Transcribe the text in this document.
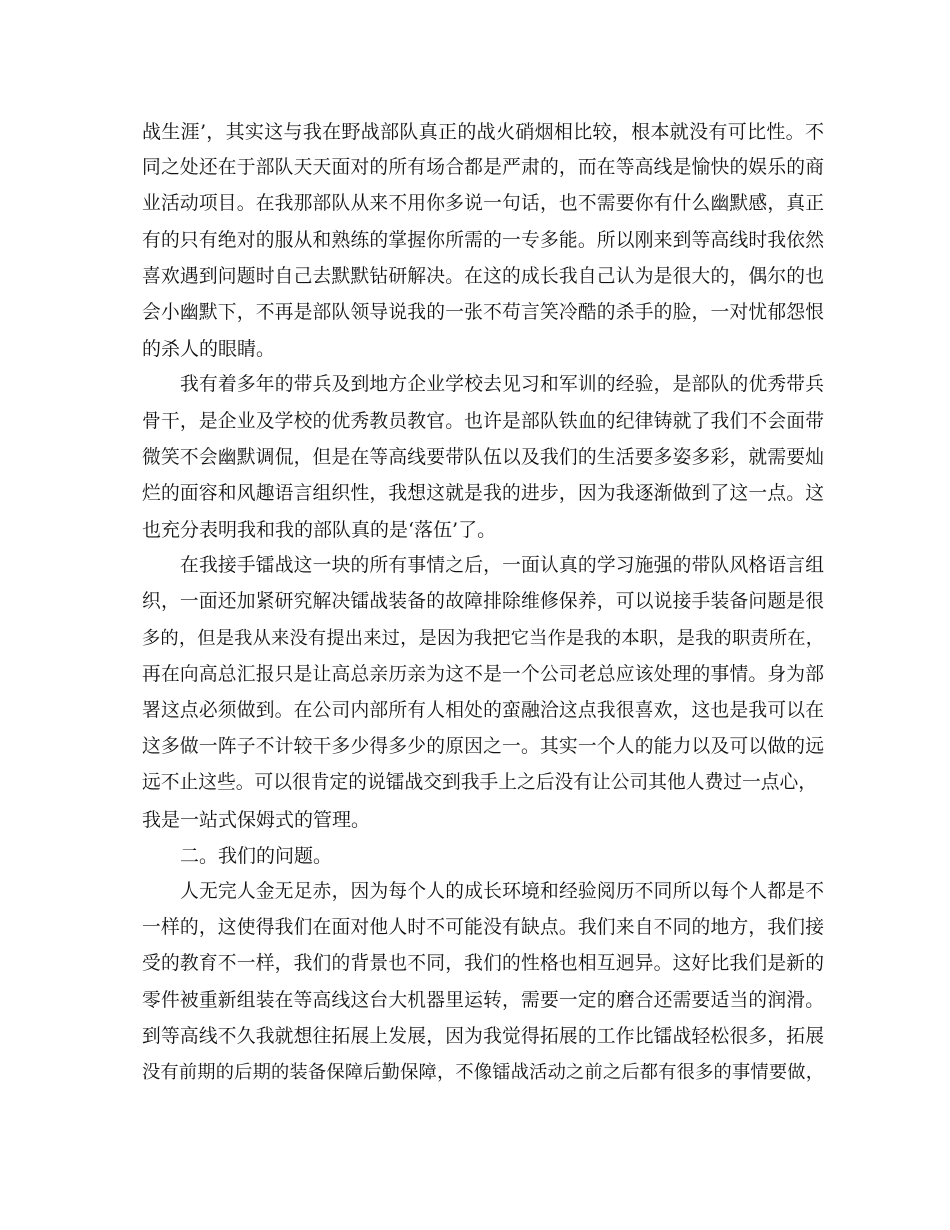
战生涯’，其实这与我在野战部队真正的战火硝烟相比较，根本就没有可比性。不
同之处还在于部队天天面对的所有场合都是严肃的，而在等高线是愉快的娱乐的商
业活动项目。在我那部队从来不用你多说一句话，也不需要你有什么幽默感，真正
有的只有绝对的服从和熟练的掌握你所需的一专多能。所以刚来到等高线时我依然
喜欢遇到问题时自己去默默钻研解决。在这的成长我自己认为是很大的，偶尔的也
会小幽默下，不再是部队领导说我的一张不苟言笑冷酷的杀手的脸，一对忧郁怨恨
的杀人的眼睛。
我有着多年的带兵及到地方企业学校去见习和军训的经验，是部队的优秀带兵
骨干，是企业及学校的优秀教员教官。也许是部队铁血的纪律铸就了我们不会面带
微笑不会幽默调侃，但是在等高线要带队伍以及我们的生活要多姿多彩，就需要灿
烂的面容和风趣语言组织性，我想这就是我的进步，因为我逐渐做到了这一点。这
也充分表明我和我的部队真的是‘落伍’了。
在我接手镭战这一块的所有事情之后，一面认真的学习施强的带队风格语言组
织，一面还加紧研究解决镭战装备的故障排除维修保养，可以说接手装备问题是很
多的，但是我从来没有提出来过，是因为我把它当作是我的本职，是我的职责所在，
再在向高总汇报只是让高总亲历亲为这不是一个公司老总应该处理的事情。身为部
署这点必须做到。在公司内部所有人相处的蛮融洽这点我很喜欢，这也是我可以在
这多做一阵子不计较干多少得多少的原因之一。其实一个人的能力以及可以做的远
远不止这些。可以很肯定的说镭战交到我手上之后没有让公司其他人费过一点心，
我是一站式保姆式的管理。
二。我们的问题。
人无完人金无足赤，因为每个人的成长环境和经验阅历不同所以每个人都是不
一样的，这使得我们在面对他人时不可能没有缺点。我们来自不同的地方，我们接
受的教育不一样，我们的背景也不同，我们的性格也相互迥异。这好比我们是新的
零件被重新组装在等高线这台大机器里运转，需要一定的磨合还需要适当的润滑。
到等高线不久我就想往拓展上发展，因为我觉得拓展的工作比镭战轻松很多，拓展
没有前期的后期的装备保障后勤保障，不像镭战活动之前之后都有很多的事情要做，
